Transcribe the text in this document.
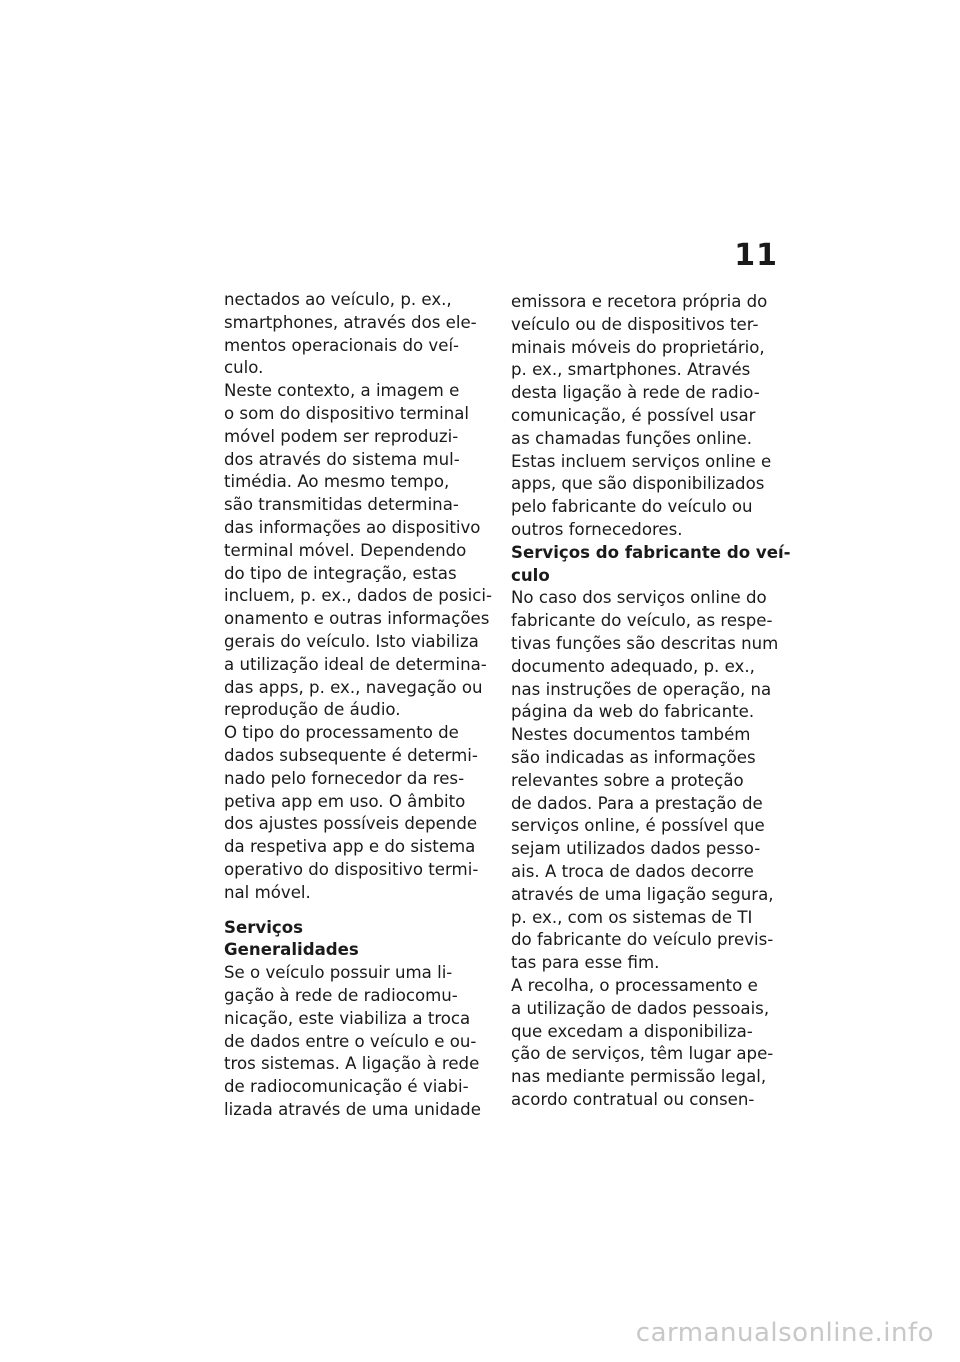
11
nectados ao veículo, p. ex.,
smartphones, através dos ele-
mentos operacionais do veí-
culo.
Neste contexto, a imagem e
o som do dispositivo terminal
móvel podem ser reproduzi-
dos através do sistema mul-
timédia. Ao mesmo tempo,
são transmitidas determina-
das informações ao dispositivo
terminal móvel. Dependendo
do tipo de integração, estas
incluem, p. ex., dados de posici-
onamento e outras informações
gerais do veículo. Isto viabiliza
a utilização ideal de determina-
das apps, p. ex., navegação ou
reprodução de áudio.
O tipo do processamento de
dados subsequente é determi-
nado pelo fornecedor da res-
petiva app em uso. O âmbito
dos ajustes possíveis depende
da respetiva app e do sistema
operativo do dispositivo termi-
nal móvel.
Serviços
Generalidades
Se o veículo possuir uma li-
gação à rede de radiocomu-
nicação, este viabiliza a troca
de dados entre o veículo e ou-
tros sistemas. A ligação à rede
de radiocomunicação é viabi-
lizada através de uma unidade
emissora e recetora própria do
veículo ou de dispositivos ter-
minais móveis do proprietário,
p. ex., smartphones. Através
desta ligação à rede de radio-
comunicação, é possível usar
as chamadas funções online.
Estas incluem serviços online e
apps, que são disponibilizados
pelo fabricante do veículo ou
outros fornecedores.
Serviços do fabricante do veí-
culo
No caso dos serviços online do
fabricante do veículo, as respe-
tivas funções são descritas num
documento adequado, p. ex.,
nas instruções de operação, na
página da web do fabricante.
Nestes documentos também
são indicadas as informações
relevantes sobre a proteção
de dados. Para a prestação de
serviços online, é possível que
sejam utilizados dados pesso-
ais. A troca de dados decorre
através de uma ligação segura,
p. ex., com os sistemas de TI
do fabricante do veículo previs-
tas para esse fim.
A recolha, o processamento e
a utilização de dados pessoais,
que excedam a disponibiliza-
ção de serviços, têm lugar ape-
nas mediante permissão legal,
acordo contratual ou consen-
carmanualsonline.info
